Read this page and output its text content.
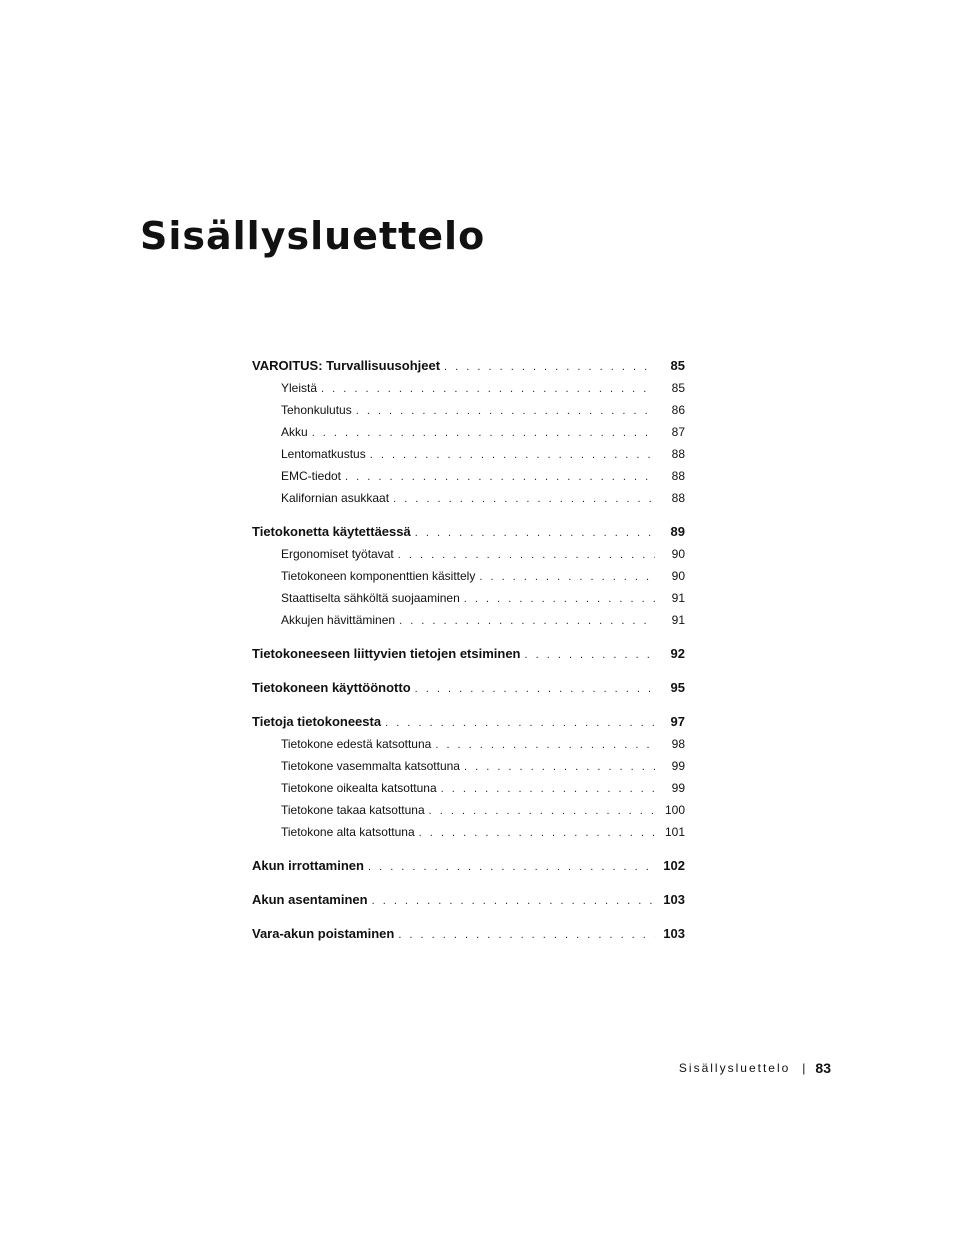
Sisällysluettelo
VAROITUS: Turvallisuusohjeet . . .	85
Yleistä . . .	85
Tehonkulutus . . .	86
Akku . . .	87
Lentomatkustus . . .	88
EMC-tiedot . . .	88
Kalifornian asukkaat . . .	88
Tietokonetta käytettäessä . . .	89
Ergonomiset työtavat . . .	90
Tietokoneen komponenttien käsittely . . .	90
Staattiselta sähköltä suojaaminen . . .	91
Akkujen hävittäminen . . .	91
Tietokoneeseen liittyvien tietojen etsiminen . . .	92
Tietokoneen käyttöönotto . . .	95
Tietoja tietokoneesta . . .	97
Tietokone edestä katsottuna . . .	98
Tietokone vasemmalta katsottuna . . .	99
Tietokone oikealta katsottuna . . .	99
Tietokone takaa katsottuna . . .	100
Tietokone alta katsottuna . . .	101
Akun irrottaminen . . .	102
Akun asentaminen . . .	103
Vara-akun poistaminen . . .	103
Sisällysluettelo | 83
